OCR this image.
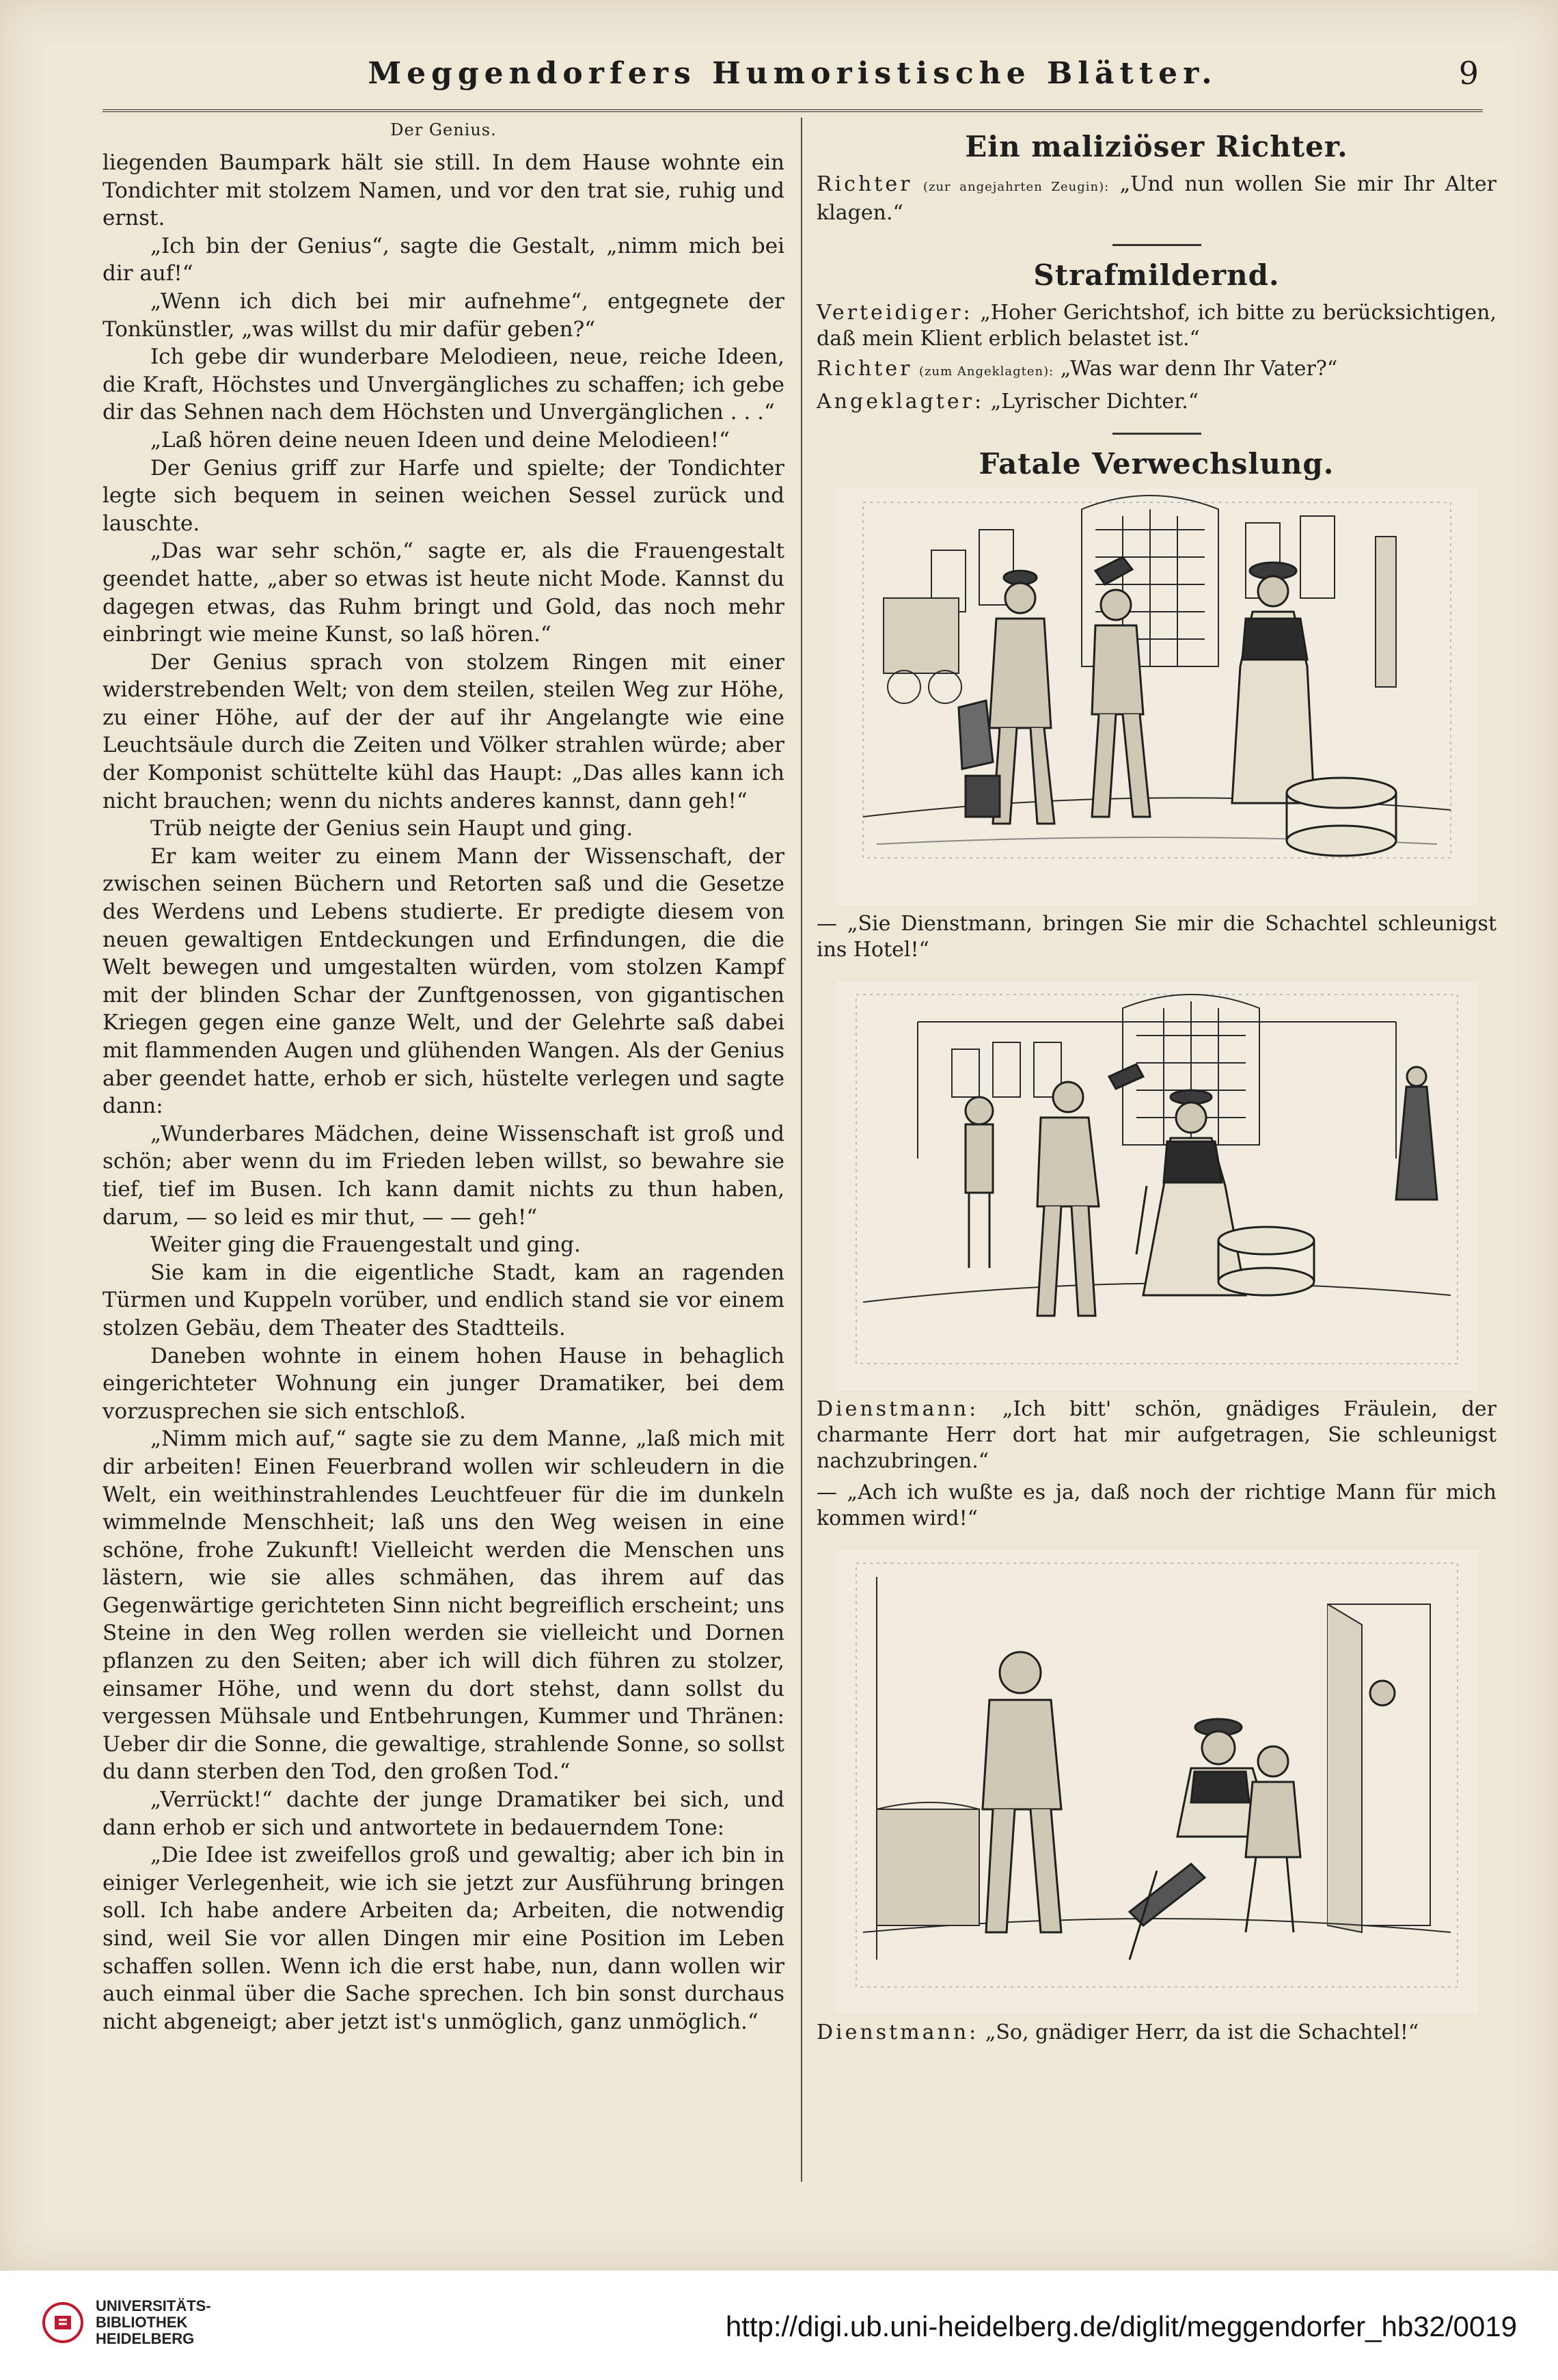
Meggendorfers Humoristische Blätter.	9
Der Genius.

liegenden Baumpark hält sie still. In dem Hause wohnte ein Tondichter mit stolzem Namen, und vor den trat sie, ruhig und ernst.

„Ich bin der Genius“, sagte die Gestalt, „nimm mich bei dir auf!“

„Wenn ich dich bei mir aufnehme“, entgegnete der Tonkünstler, „was willst du mir dafür geben?“

Ich gebe dir wunderbare Melodieen, neue, reiche Ideen, die Kraft, Höchstes und Unvergängliches zu schaffen; ich gebe dir das Sehnen nach dem Höchsten und Unvergänglichen . . .“

„Laß hören deine neuen Ideen und deine Melodieen!“

Der Genius griff zur Harfe und spielte; der Tondichter legte sich bequem in seinen weichen Sessel zurück und lauschte.

„Das war sehr schön,“ sagte er, als die Frauengestalt geendet hatte, „aber so etwas ist heute nicht Mode. Kannst du dagegen etwas, das Ruhm bringt und Gold, das noch mehr einbringt wie meine Kunst, so laß hören.“

Der Genius sprach von stolzem Ringen mit einer widerstrebenden Welt; von dem steilen, steilen Weg zur Höhe, zu einer Höhe, auf der der auf ihr Angelangte wie eine Leuchtsäule durch die Zeiten und Völker strahlen würde; aber der Komponist schüttelte kühl das Haupt: „Das alles kann ich nicht brauchen; wenn du nichts anderes kannst, dann geh!“

Trüb neigte der Genius sein Haupt und ging.

Er kam weiter zu einem Mann der Wissenschaft, der zwischen seinen Büchern und Retorten saß und die Gesetze des Werdens und Lebens studierte. Er predigte diesem von neuen gewaltigen Entdeckungen und Erfindungen, die die Welt bewegen und umgestalten würden, vom stolzen Kampf mit der blinden Schar der Zunftgenossen, von gigantischen Kriegen gegen eine ganze Welt, und der Gelehrte saß dabei mit flammenden Augen und glühenden Wangen. Als der Genius aber geendet hatte, erhob er sich, hüstelte verlegen und sagte dann:

„Wunderbares Mädchen, deine Wissenschaft ist groß und schön; aber wenn du im Frieden leben willst, so bewahre sie tief, tief im Busen. Ich kann damit nichts zu thun haben, darum, — so leid es mir thut, — — geh!“

Weiter ging die Frauengestalt und ging.

Sie kam in die eigentliche Stadt, kam an ragenden Türmen und Kuppeln vorüber, und endlich stand sie vor einem stolzen Gebäu, dem Theater des Stadtteils.

Daneben wohnte in einem hohen Hause in behaglich eingerichteter Wohnung ein junger Dramatiker, bei dem vorzusprechen sie sich entschloß.

„Nimm mich auf,“ sagte sie zu dem Manne, „laß mich mit dir arbeiten! Einen Feuerbrand wollen wir schleudern in die Welt, ein weithinstrahlendes Leuchtfeuer für die im dunkeln wimmelnde Menschheit; laß uns den Weg weisen in eine schöne, frohe Zukunft! Vielleicht werden die Menschen uns lästern, wie sie alles schmähen, das ihrem auf das Gegenwärtige gerichteten Sinn nicht begreiflich erscheint; uns Steine in den Weg rollen werden sie vielleicht und Dornen pflanzen zu den Seiten; aber ich will dich führen zu stolzer, einsamer Höhe, und wenn du dort stehst, dann sollst du vergessen Mühsale und Entbehrungen, Kummer und Thränen: Ueber dir die Sonne, die gewaltige, strahlende Sonne, so sollst du dann sterben den Tod, den großen Tod.“

„Verrückt!“ dachte der junge Dramatiker bei sich, und dann erhob er sich und antwortete in bedauerndem Tone:

„Die Idee ist zweifellos groß und gewaltig; aber ich bin in einiger Verlegenheit, wie ich sie jetzt zur Ausführung bringen soll. Ich habe andere Arbeiten da; Arbeiten, die notwendig sind, weil Sie vor allen Dingen mir eine Position im Leben schaffen sollen. Wenn ich die erst habe, nun, dann wollen wir auch einmal über die Sache sprechen. Ich bin sonst durchaus nicht abgeneigt; aber jetzt ist's unmöglich, ganz unmöglich.“

Ein maliziöser Richter.

Richter (zur angejahrten Zeugin): „Und nun wollen Sie mir Ihr Alter klagen.“

Strafmildernd.

Verteidiger: „Hoher Gerichtshof, ich bitte zu berücksichtigen, daß mein Klient erblich belastet ist.“

Richter (zum Angeklagten): „Was war denn Ihr Vater?“

Angeklagter: „Lyrischer Dichter.“

Fatale Verwechslung.

— „Sie Dienstmann, bringen Sie mir die Schachtel schleunigst ins Hotel!“

Dienstmann: „Ich bitt' schön, gnädiges Fräulein, der charmante Herr dort hat mir aufgetragen, Sie schleunigst nachzubringen.“

— „Ach ich wußte es ja, daß noch der richtige Mann für mich kommen wird!“

Dienstmann: „So, gnädiger Herr, da ist die Schachtel!“

UNIVERSITÄTS-
BIBLIOTHEK
HEIDELBERG	http://digi.ub.uni-heidelberg.de/diglit/meggendorfer_hb32/0019
